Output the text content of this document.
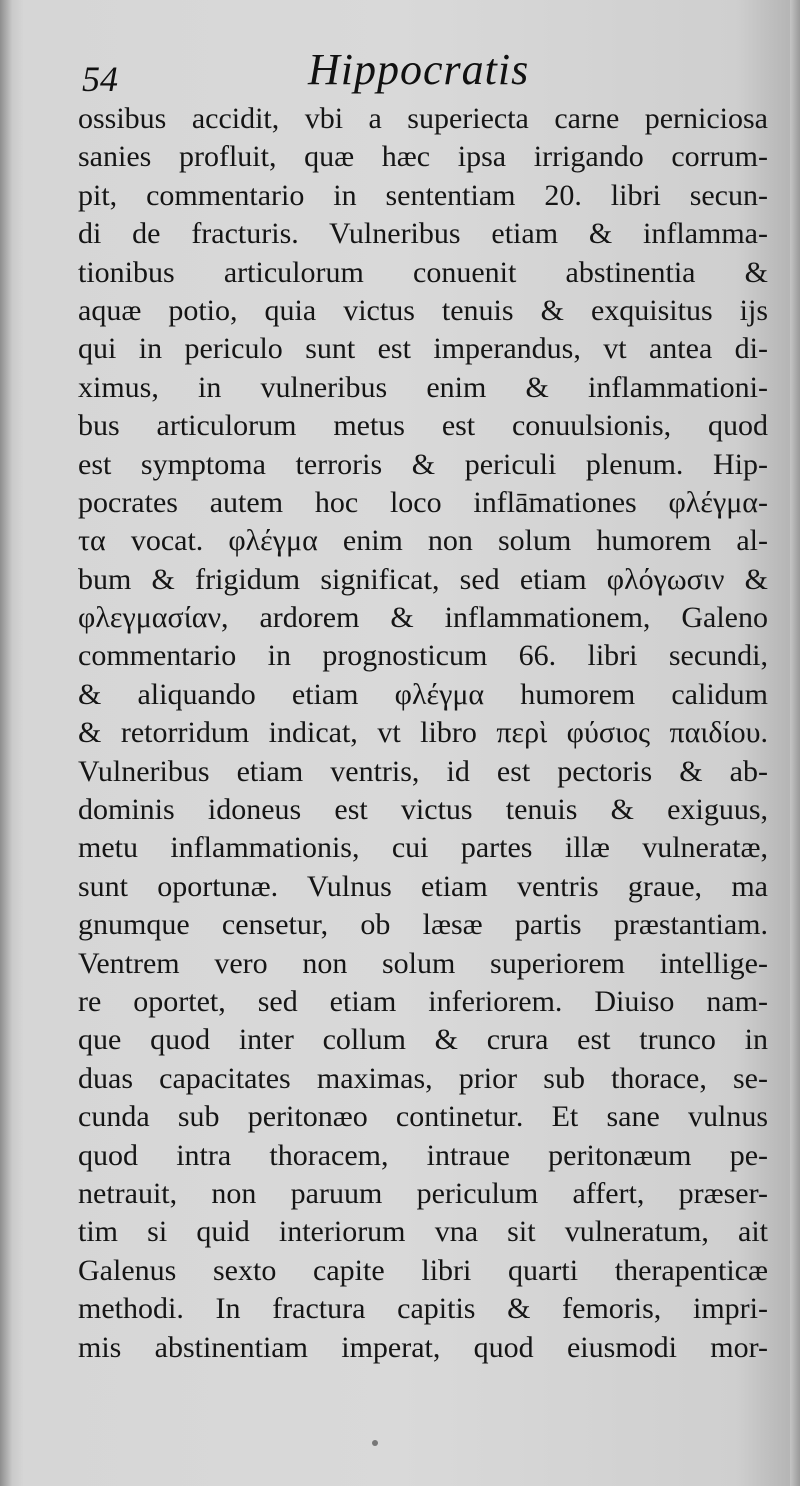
54	Hippocratis
ossibus accidit, vbi a superiecta carne perniciosa
sanies profluit, quæ hæc ipsa irrigando corrum-
pit, commentario in sententiam 20. libri secun-
di de fracturis. Vulneribus etiam & inflamma-
tionibus articulorum conuenit abstinentia &
aquæ potio, quia victus tenuis & exquisitus ijs
qui in periculo sunt est imperandus, vt antea di-
ximus, in vulneribus enim & inflammationi-
bus articulorum metus est conuulsionis, quod
est symptoma terroris & periculi plenum. Hip-
pocrates autem hoc loco inflāmationes φλέγμα-
τα vocat. φλέγμα enim non solum humorem al-
bum & frigidum significat, sed etiam φλόγωσιν &
φλεγμασίαν, ardorem & inflammationem, Galeno
commentario in prognosticum 66. libri secundi,
& aliquando etiam φλέγμα humorem calidum
& retorridum indicat, vt libro περὶ φύσιος παιδίου.
Vulneribus etiam ventris, id est pectoris & ab-
dominis idoneus est victus tenuis & exiguus,
metu inflammationis, cui partes illæ vulneratæ,
sunt oportunæ. Vulnus etiam ventris graue, ma
gnumque censetur, ob læsæ partis præstantiam.
Ventrem vero non solum superiorem intellige-
re oportet, sed etiam inferiorem. Diuiso nam-
que quod inter collum & crura est trunco in
duas capacitates maximas, prior sub thorace, se-
cunda sub peritonæo continetur. Et sane vulnus
quod intra thoracem, intraue peritonæum pe-
netrauit, non paruum periculum affert, præser-
tim si quid interiorum vna sit vulneratum, ait
Galenus sexto capite libri quarti therapenticæ
methodi. In fractura capitis & femoris, impri-
mis abstinentiam imperat, quod eiusmodi mor-
